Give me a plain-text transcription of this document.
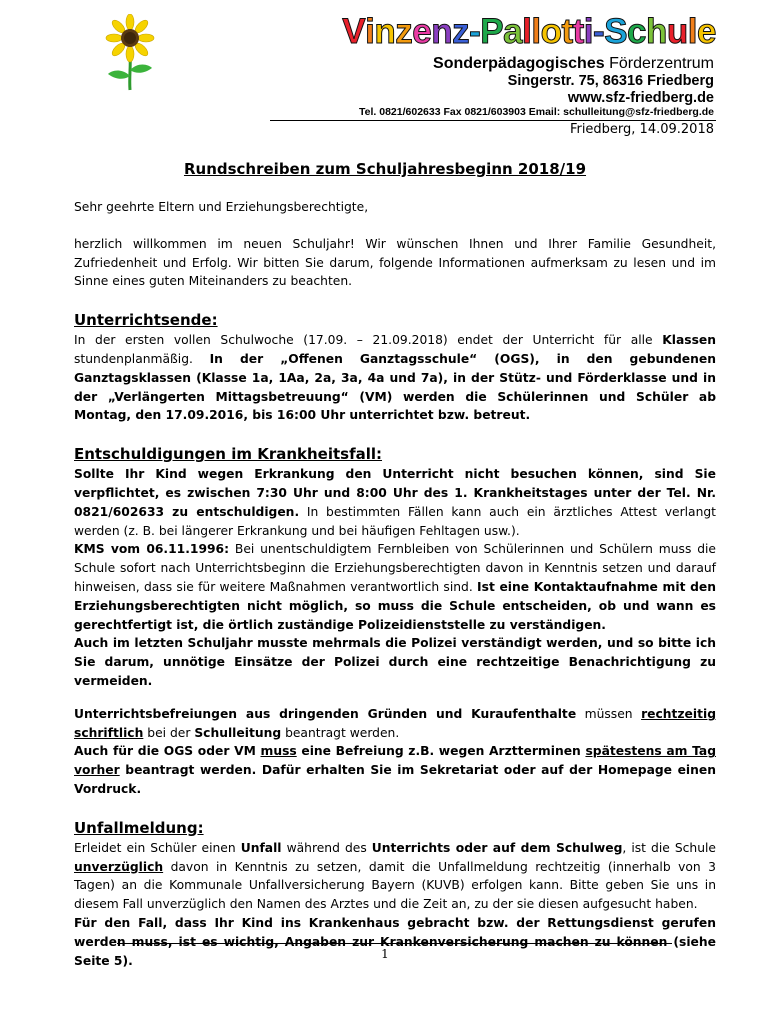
Vinzenz-Pallotti-Schule
Sonderpädagogisches Förderzentrum
Singerstr. 75, 86316 Friedberg
www.sfz-friedberg.de
Tel. 0821/602633 Fax 0821/603903 Email: schulleitung@sfz-friedberg.de
Friedberg, 14.09.2018
Rundschreiben zum Schuljahresbeginn 2018/19

Sehr geehrte Eltern und Erziehungsberechtigte,

herzlich willkommen im neuen Schuljahr! Wir wünschen Ihnen und Ihrer Familie Gesundheit, Zufriedenheit und Erfolg. Wir bitten Sie darum, folgende Informationen aufmerksam zu lesen und im Sinne eines guten Miteinanders zu beachten.

Unterrichtsende:

In der ersten vollen Schulwoche (17.09. – 21.09.2018) endet der Unterricht für alle Klassen stundenplanmäßig. In der „Offenen Ganztagsschule“ (OGS), in den gebundenen Ganztagsklassen (Klasse 1a, 1Aa, 2a, 3a, 4a und 7a), in der Stütz- und Förderklasse und in der „Verlängerten Mittagsbetreuung“ (VM) werden die Schülerinnen und Schüler ab Montag, den 17.09.2016, bis 16:00 Uhr unterrichtet bzw. betreut.

Entschuldigungen im Krankheitsfall:

Sollte Ihr Kind wegen Erkrankung den Unterricht nicht besuchen können, sind Sie verpflichtet, es zwischen 7:30 Uhr und 8:00 Uhr des 1. Krankheitstages unter der Tel. Nr. 0821/602633 zu entschuldigen. In bestimmten Fällen kann auch ein ärztliches Attest verlangt werden (z. B. bei längerer Erkrankung und bei häufigen Fehltagen usw.).

KMS vom 06.11.1996: Bei unentschuldigtem Fernbleiben von Schülerinnen und Schülern muss die Schule sofort nach Unterrichtsbeginn die Erziehungsberechtigten davon in Kenntnis setzen und darauf hinweisen, dass sie für weitere Maßnahmen verantwortlich sind. Ist eine Kontaktaufnahme mit den Erziehungsberechtigten nicht möglich, so muss die Schule entscheiden, ob und wann es gerechtfertigt ist, die örtlich zuständige Polizeidienststelle zu verständigen.

Auch im letzten Schuljahr musste mehrmals die Polizei verständigt werden, und so bitte ich Sie darum, unnötige Einsätze der Polizei durch eine rechtzeitige Benachrichtigung zu vermeiden.

Unterrichtsbefreiungen aus dringenden Gründen und Kuraufenthalte müssen rechtzeitig schriftlich bei der Schulleitung beantragt werden.

Auch für die OGS oder VM muss eine Befreiung z.B. wegen Arztterminen spätestens am Tag vorher beantragt werden. Dafür erhalten Sie im Sekretariat oder auf der Homepage einen Vordruck.

Unfallmeldung:

Erleidet ein Schüler einen Unfall während des Unterrichts oder auf dem Schulweg, ist die Schule unverzüglich davon in Kenntnis zu setzen, damit die Unfallmeldung rechtzeitig (innerhalb von 3 Tagen) an die Kommunale Unfallversicherung Bayern (KUVB) erfolgen kann. Bitte geben Sie uns in diesem Fall unverzüglich den Namen des Arztes und die Zeit an, zu der sie diesen aufgesucht haben.

Für den Fall, dass Ihr Kind ins Krankenhaus gebracht bzw. der Rettungsdienst gerufen werden muss, ist es wichtig, Angaben zur Krankenversicherung machen zu können (siehe Seite 5).	1
